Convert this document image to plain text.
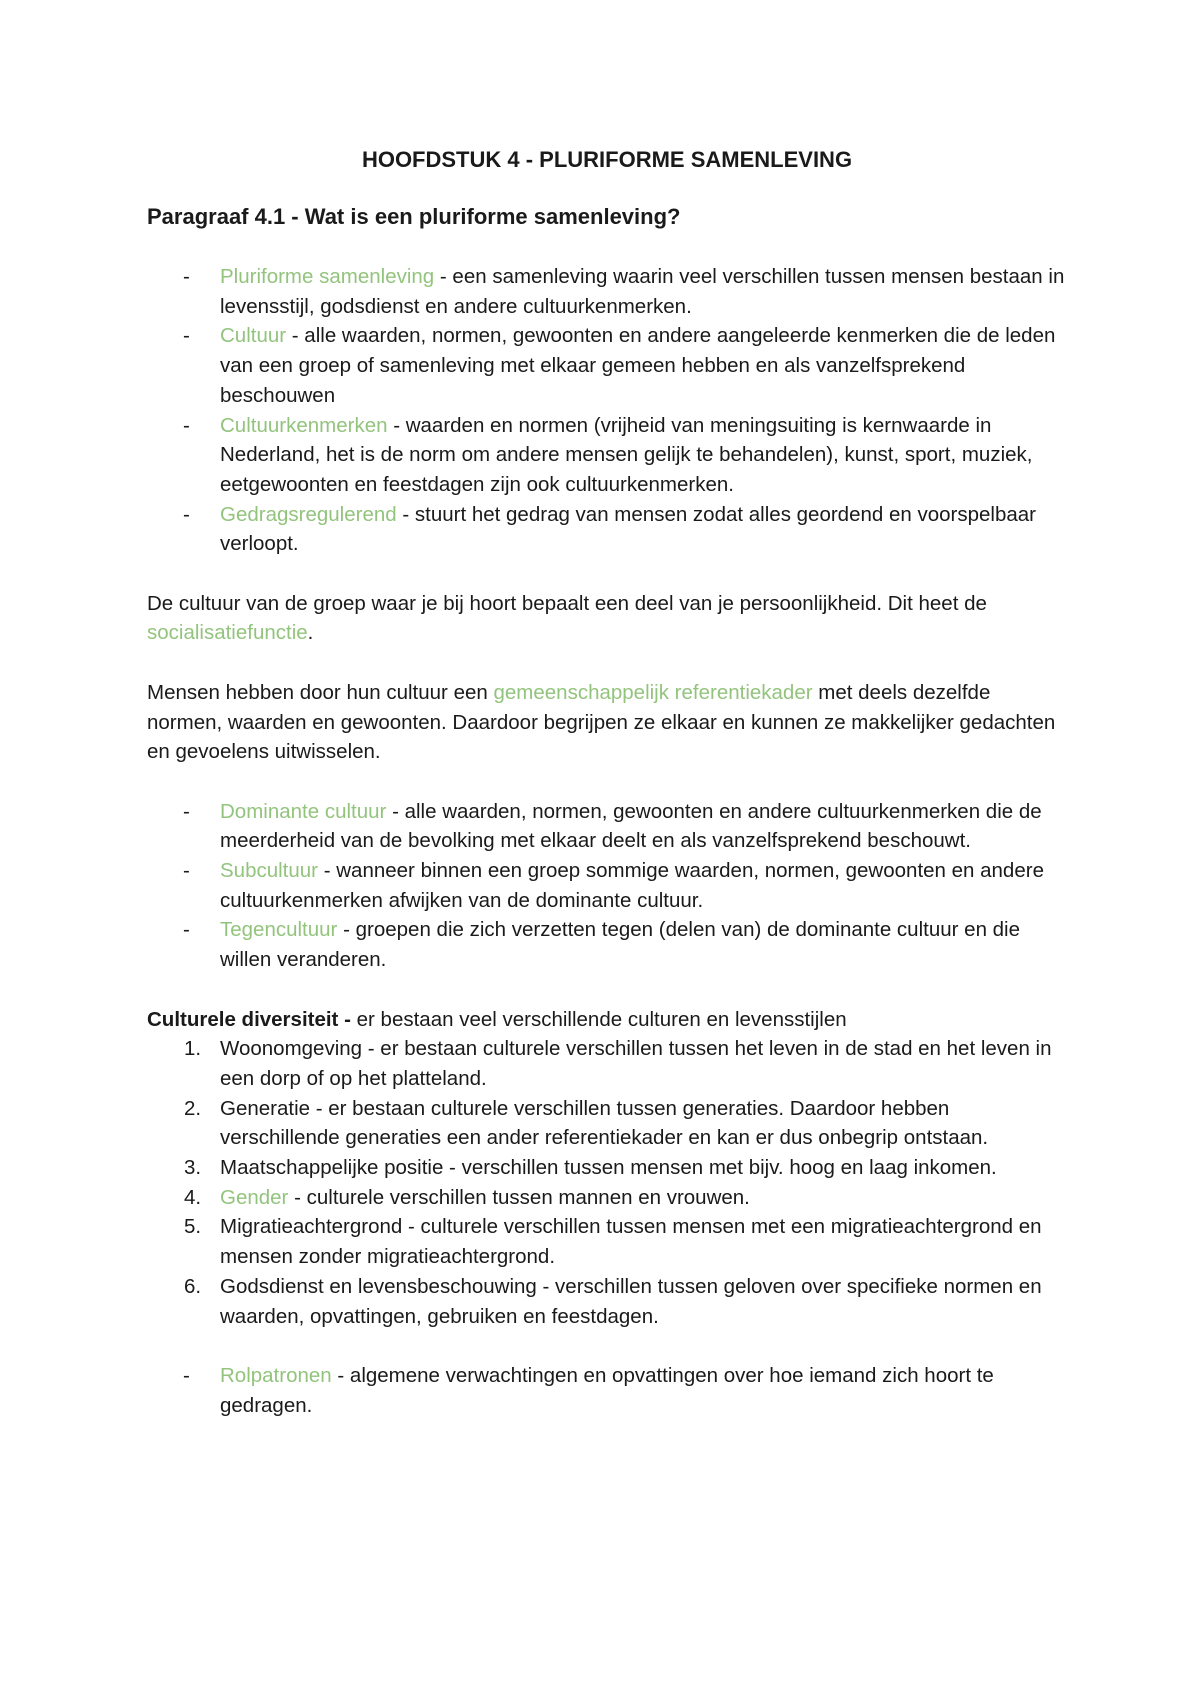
HOOFDSTUK 4 - PLURIFORME SAMENLEVING
Paragraaf 4.1 - Wat is een pluriforme samenleving?
- Pluriforme samenleving - een samenleving waarin veel verschillen tussen mensen bestaan in levensstijl, godsdienst en andere cultuurkenmerken.
- Cultuur - alle waarden, normen, gewoonten en andere aangeleerde kenmerken die de leden van een groep of samenleving met elkaar gemeen hebben en als vanzelfsprekend beschouwen
- Cultuurkenmerken - waarden en normen (vrijheid van meningsuiting is kernwaarde in Nederland, het is de norm om andere mensen gelijk te behandelen), kunst, sport, muziek, eetgewoonten en feestdagen zijn ook cultuurkenmerken.
- Gedragsregulerend - stuurt het gedrag van mensen zodat alles geordend en voorspelbaar verloopt.

De cultuur van de groep waar je bij hoort bepaalt een deel van je persoonlijkheid. Dit heet de socialisatiefunctie.

Mensen hebben door hun cultuur een gemeenschappelijk referentiekader met deels dezelfde normen, waarden en gewoonten. Daardoor begrijpen ze elkaar en kunnen ze makkelijker gedachten en gevoelens uitwisselen.

- Dominante cultuur - alle waarden, normen, gewoonten en andere cultuurkenmerken die de meerderheid van de bevolking met elkaar deelt en als vanzelfsprekend beschouwt.
- Subcultuur - wanneer binnen een groep sommige waarden, normen, gewoonten en andere cultuurkenmerken afwijken van de dominante cultuur.
- Tegencultuur - groepen die zich verzetten tegen (delen van) de dominante cultuur en die willen veranderen.

Culturele diversiteit - er bestaan veel verschillende culturen en levensstijlen

1. Woonomgeving - er bestaan culturele verschillen tussen het leven in de stad en het leven in een dorp of op het platteland.
2. Generatie - er bestaan culturele verschillen tussen generaties. Daardoor hebben verschillende generaties een ander referentiekader en kan er dus onbegrip ontstaan.
3. Maatschappelijke positie - verschillen tussen mensen met bijv. hoog en laag inkomen.
4. Gender - culturele verschillen tussen mannen en vrouwen.
5. Migratieachtergrond - culturele verschillen tussen mensen met een migratieachtergrond en mensen zonder migratieachtergrond.
6. Godsdienst en levensbeschouwing - verschillen tussen geloven over specifieke normen en waarden, opvattingen, gebruiken en feestdagen.
- Rolpatronen - algemene verwachtingen en opvattingen over hoe iemand zich hoort te gedragen.
